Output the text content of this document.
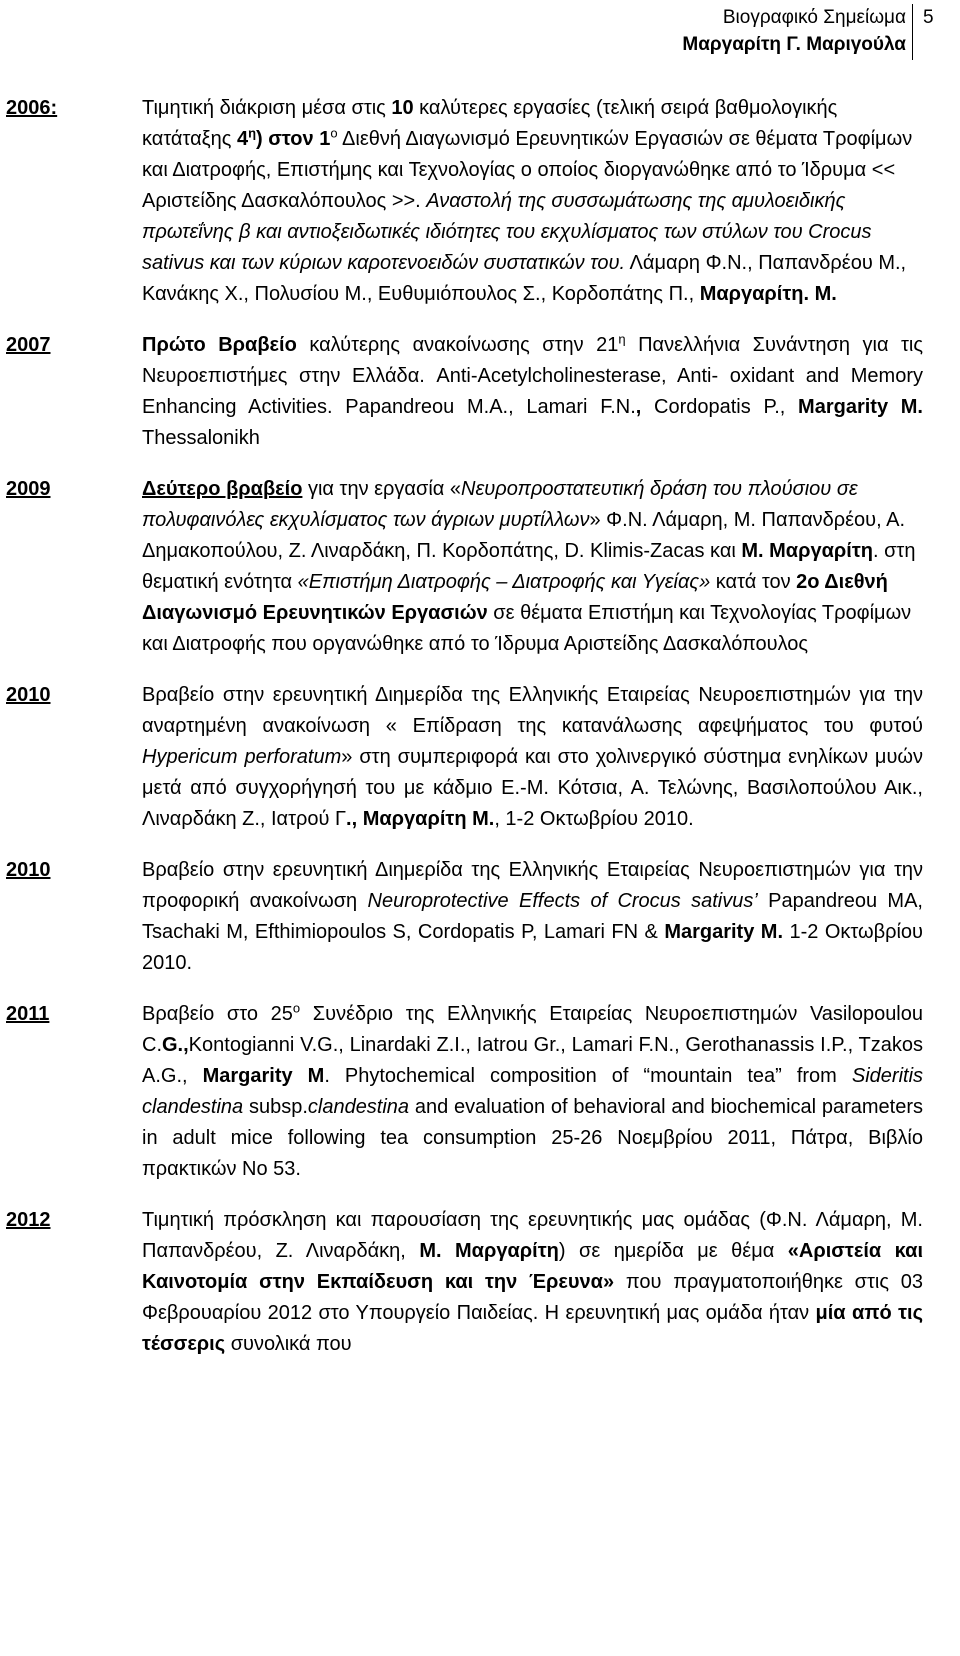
Βιογραφικό Σημείωμα
Μαργαρίτη Γ. Μαριγούλα
5
2006:	Τιμητική διάκριση μέσα στις 10 καλύτερες εργασίες (τελική σειρά βαθμολογικής κατάταξης $4^\eta$) στον $1^o$ Διεθνή Διαγωνισμό Ερευνητικών Εργασιών σε θέματα Τροφίμων και Διατροφής, Επιστήμης και Τεχνολογίας ο οποίος διοργανώθηκε από το Ίδρυμα << Αριστείδης Δασκαλόπουλος >>. Αναστολή της συσσωμάτωσης της αμυλοειδικής πρωτεΐνης β και αντιοξειδωτικές ιδιότητες του εκχυλίσματος των στύλων του Crocus sativus και των κύριων καροτενοειδών συστατικών του. Λάμαρη Φ.Ν., Παπανδρέου Μ., Κανάκης Χ., Πολυσίου Μ., Ευθυμιόπουλος Σ., Κορδοπάτης Π., Μαργαρίτη. Μ.
2007	Πρώτο Βραβείο καλύτερης ανακοίνωσης στην $21^\eta$ Πανελλήνια Συνάντηση για τις Νευροεπιστήμες στην Ελλάδα. Anti-Acetylcholinesterase, Anti- oxidant and Memory Enhancing Activities. Papandreou M.A., Lamari F.N., Cordopatis P., Margarity M. Thessalonikh
2009	Δεύτερο βραβείο για την εργασία «Νευροπροστατευτική δράση του πλούσιου σε πολυφαινόλες εκχυλίσματος των άγριων μυρτίλλων» Φ.Ν. Λάμαρη, Μ. Παπανδρέου, Α. Δημακοπούλου, Ζ. Λιναρδάκη, Π. Κορδοπάτης, D. Klimis-Zacas και Μ. Μαργαρίτη. στη θεματική ενότητα «Επιστήμη Διατροφής – Διατροφής και Υγείας» κατά τον 2ο Διεθνή Διαγωνισμό Ερευνητικών Εργασιών σε θέματα Επιστήμη και Τεχνολογίας Τροφίμων και Διατροφής που οργανώθηκε από το Ίδρυμα Αριστείδης Δασκαλόπουλος
2010	Βραβείο στην ερευνητική Διημερίδα της Ελληνικής Εταιρείας Νευροεπιστημών για την αναρτημένη ανακοίνωση « Επίδραση της κατανάλωσης αφεψήματος του φυτού Hypericum perforatum» στη συμπεριφορά και στο χολινεργικό σύστημα ενηλίκων μυών μετά από συγχορήγησή του με κάδμιο Ε.-Μ. Κότσια, Α. Τελώνης, Βασιλοπούλου Αικ., Λιναρδάκη Ζ., Ιατρού Γ., Μαργαρίτη Μ., 1-2 Οκτωβρίου 2010.
2010	Βραβείο στην ερευνητική Διημερίδα της Ελληνικής Εταιρείας Νευροεπιστημών για την προφορική ανακοίνωση Neuroprotective Effects of Crocus sativus’ Papandreou MA, Tsachaki M, Efthimiopoulos S, Cordopatis P, Lamari FN & Margarity M. 1-2 Οκτωβρίου 2010.
2011	Βραβείο στο $25^o$ Συνέδριο της Ελληνικής Εταιρείας Νευροεπιστημών Vasilopoulou C.G.,Kontogianni V.G., Linardaki Z.I., Iatrou Gr., Lamari F.N., Gerothanassis I.P., Tzakos A.G., Margarity M. Phytochemical composition of “mountain tea” from Sideritis clandestina subsp.clandestina and evaluation of behavioral and biochemical parameters in adult mice following tea consumption 25-26 Νοεμβρίου 2011, Πάτρα, Βιβλίο πρακτικών Νο 53.
2012	Τιμητική πρόσκληση και παρουσίαση της ερευνητικής μας ομάδας (Φ.Ν. Λάμαρη, Μ. Παπανδρέου, Ζ. Λιναρδάκη, Μ. Μαργαρίτη) σε ημερίδα με θέμα «Αριστεία και Καινοτομία στην Εκπαίδευση και την Έρευνα» που πραγματοποιήθηκε στις 03 Φεβρουαρίου 2012 στο Υπουργείο Παιδείας. Η ερευνητική μας ομάδα ήταν μία από τις τέσσερις συνολικά που
